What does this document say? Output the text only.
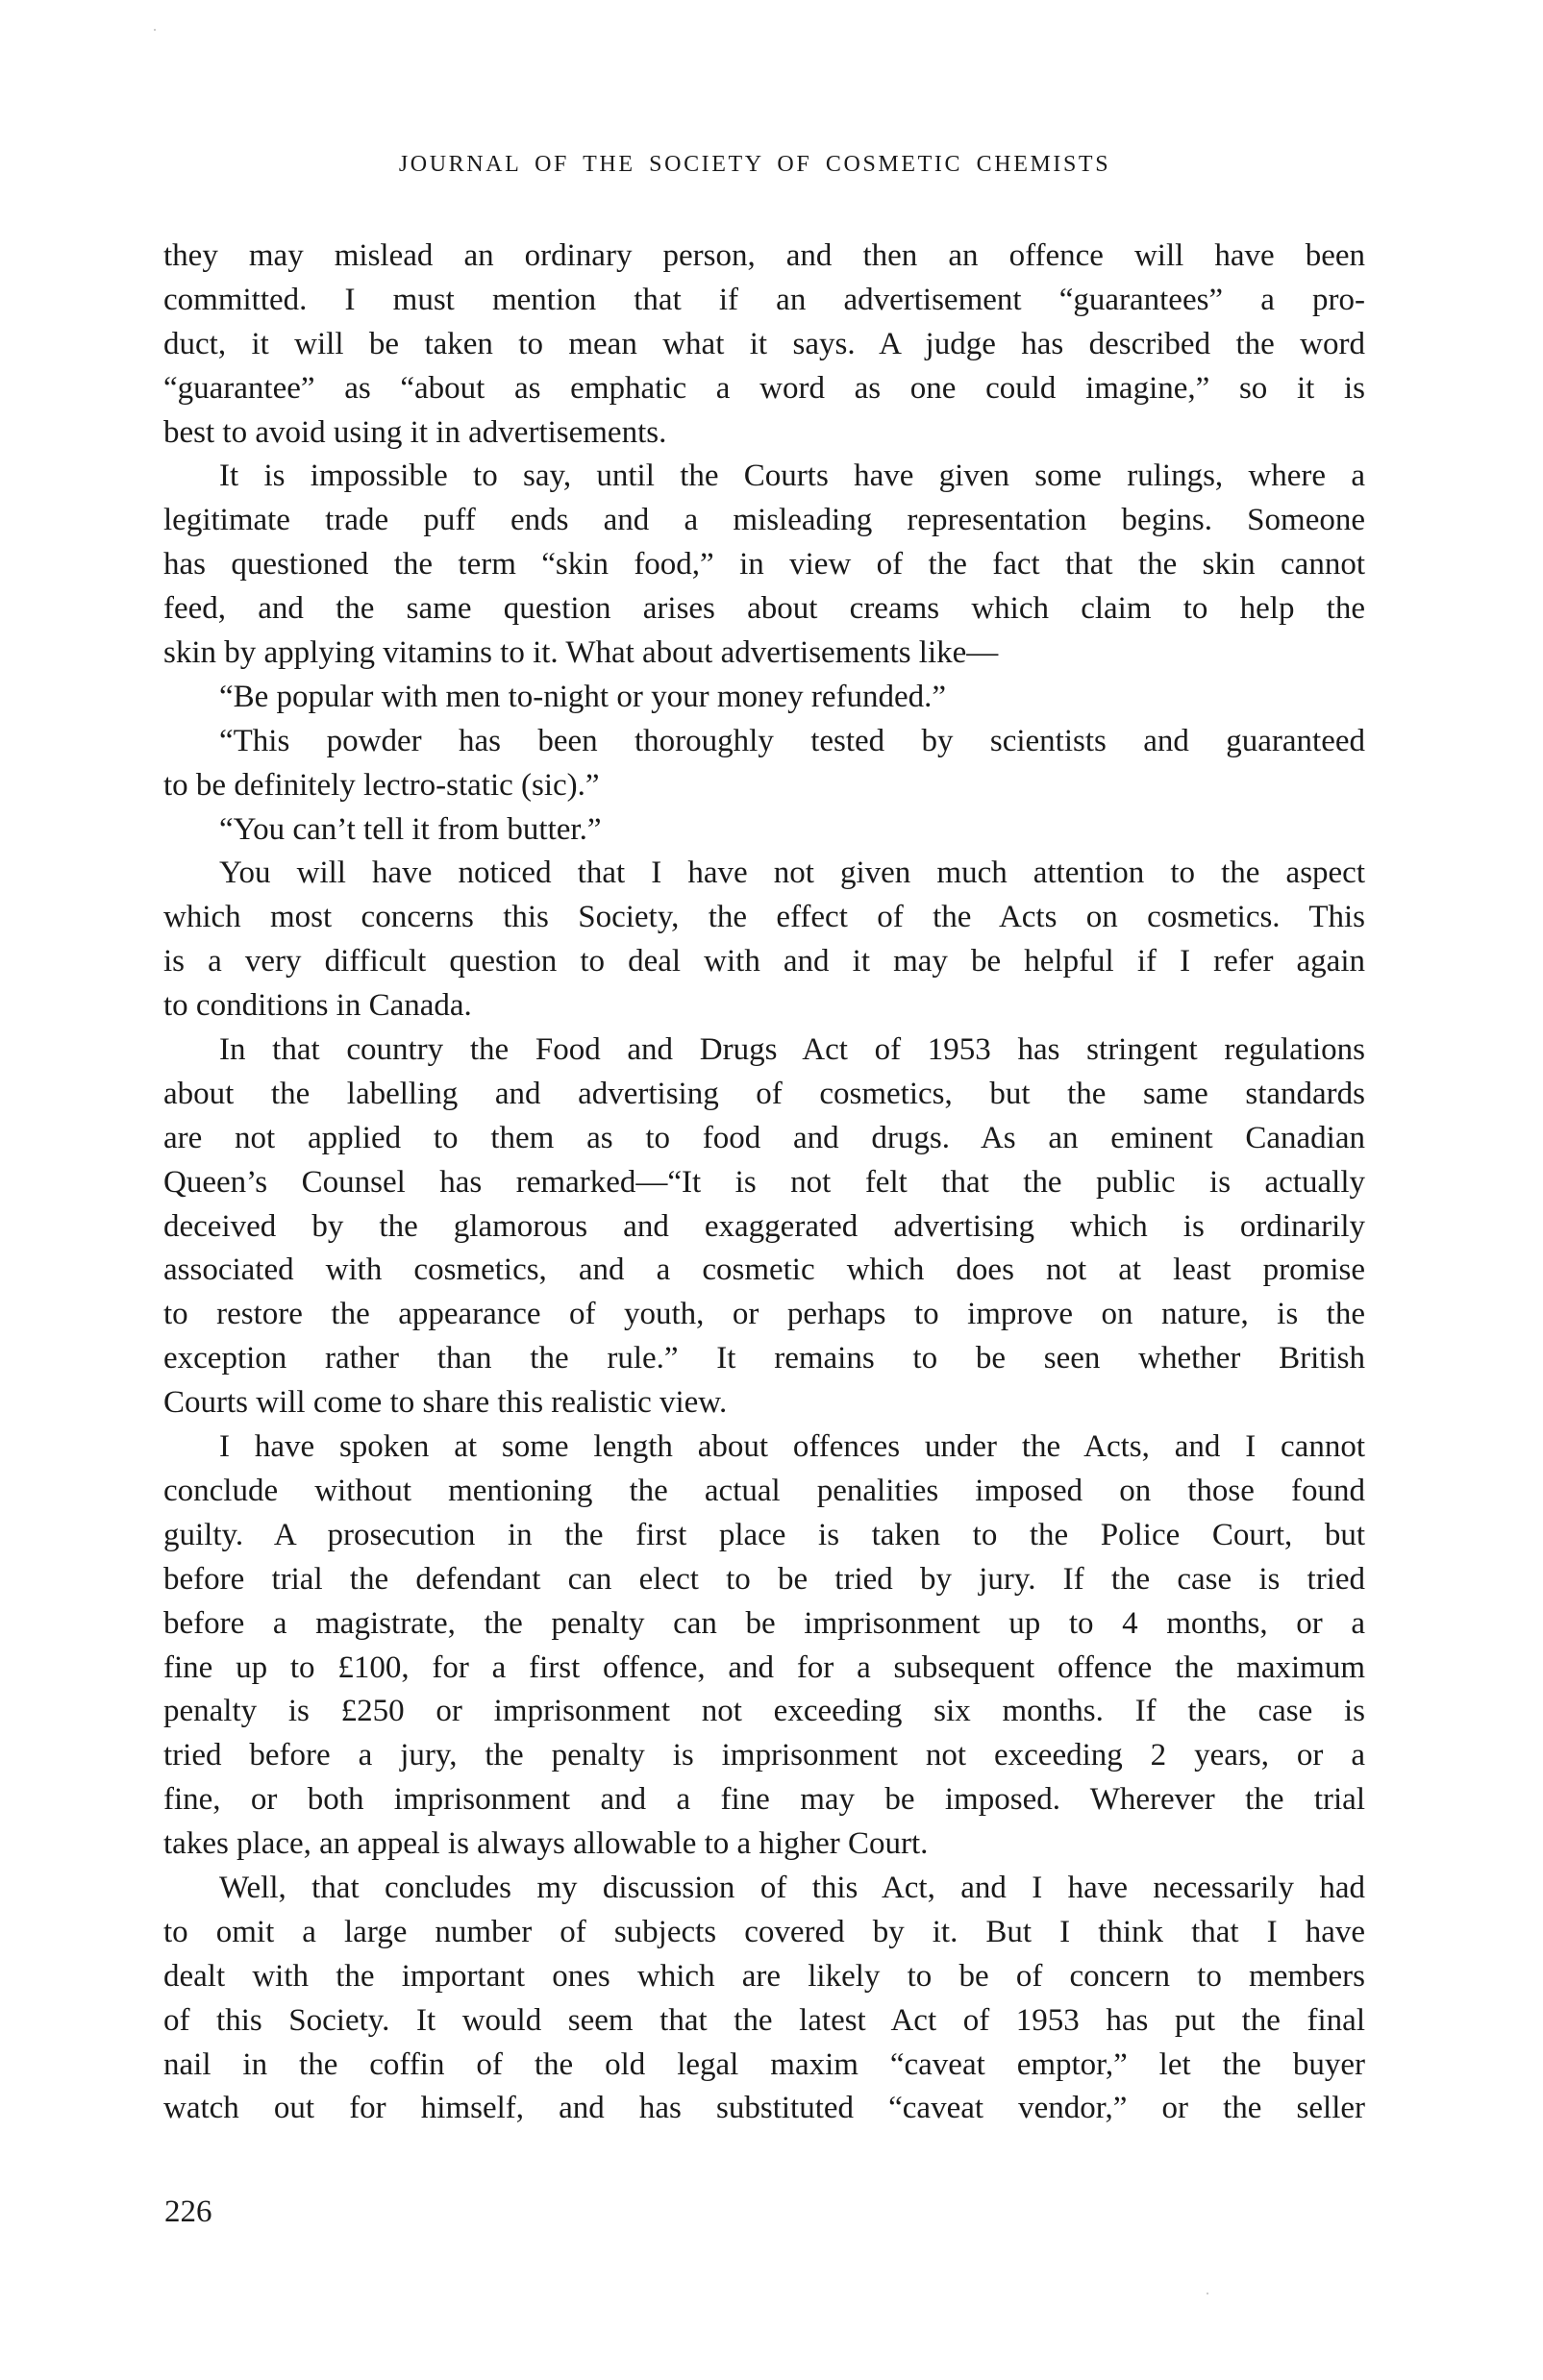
JOURNAL OF THE SOCIETY OF COSMETIC CHEMISTS
they may mislead an ordinary person, and then an offence will have been
committed. I must mention that if an advertisement “guarantees” a pro-
duct, it will be taken to mean what it says. A judge has described the word
“guarantee” as “about as emphatic a word as one could imagine,” so it is
best to avoid using it in advertisements.
It is impossible to say, until the Courts have given some rulings, where a
legitimate trade puff ends and a misleading representation begins. Someone
has questioned the term “skin food,” in view of the fact that the skin cannot
feed, and the same question arises about creams which claim to help the
skin by applying vitamins to it. What about advertisements like—
“Be popular with men to-night or your money refunded.”
“This powder has been thoroughly tested by scientists and guaranteed
to be definitely lectro-static (sic).”
“You can’t tell it from butter.”
You will have noticed that I have not given much attention to the aspect
which most concerns this Society, the effect of the Acts on cosmetics. This
is a very difficult question to deal with and it may be helpful if I refer again
to conditions in Canada.
In that country the Food and Drugs Act of 1953 has stringent regulations
about the labelling and advertising of cosmetics, but the same standards
are not applied to them as to food and drugs. As an eminent Canadian
Queen’s Counsel has remarked—“It is not felt that the public is actually
deceived by the glamorous and exaggerated advertising which is ordinarily
associated with cosmetics, and a cosmetic which does not at least promise
to restore the appearance of youth, or perhaps to improve on nature, is the
exception rather than the rule.” It remains to be seen whether British
Courts will come to share this realistic view.
I have spoken at some length about offences under the Acts, and I cannot
conclude without mentioning the actual penalities imposed on those found
guilty. A prosecution in the first place is taken to the Police Court, but
before trial the defendant can elect to be tried by jury. If the case is tried
before a magistrate, the penalty can be imprisonment up to 4 months, or a
fine up to £100, for a first offence, and for a subsequent offence the maximum
penalty is £250 or imprisonment not exceeding six months. If the case is
tried before a jury, the penalty is imprisonment not exceeding 2 years, or a
fine, or both imprisonment and a fine may be imposed. Wherever the trial
takes place, an appeal is always allowable to a higher Court.
Well, that concludes my discussion of this Act, and I have necessarily had
to omit a large number of subjects covered by it. But I think that I have
dealt with the important ones which are likely to be of concern to members
of this Society. It would seem that the latest Act of 1953 has put the final
nail in the coffin of the old legal maxim “caveat emptor,” let the buyer
watch out for himself, and has substituted “caveat vendor,” or the seller
226
